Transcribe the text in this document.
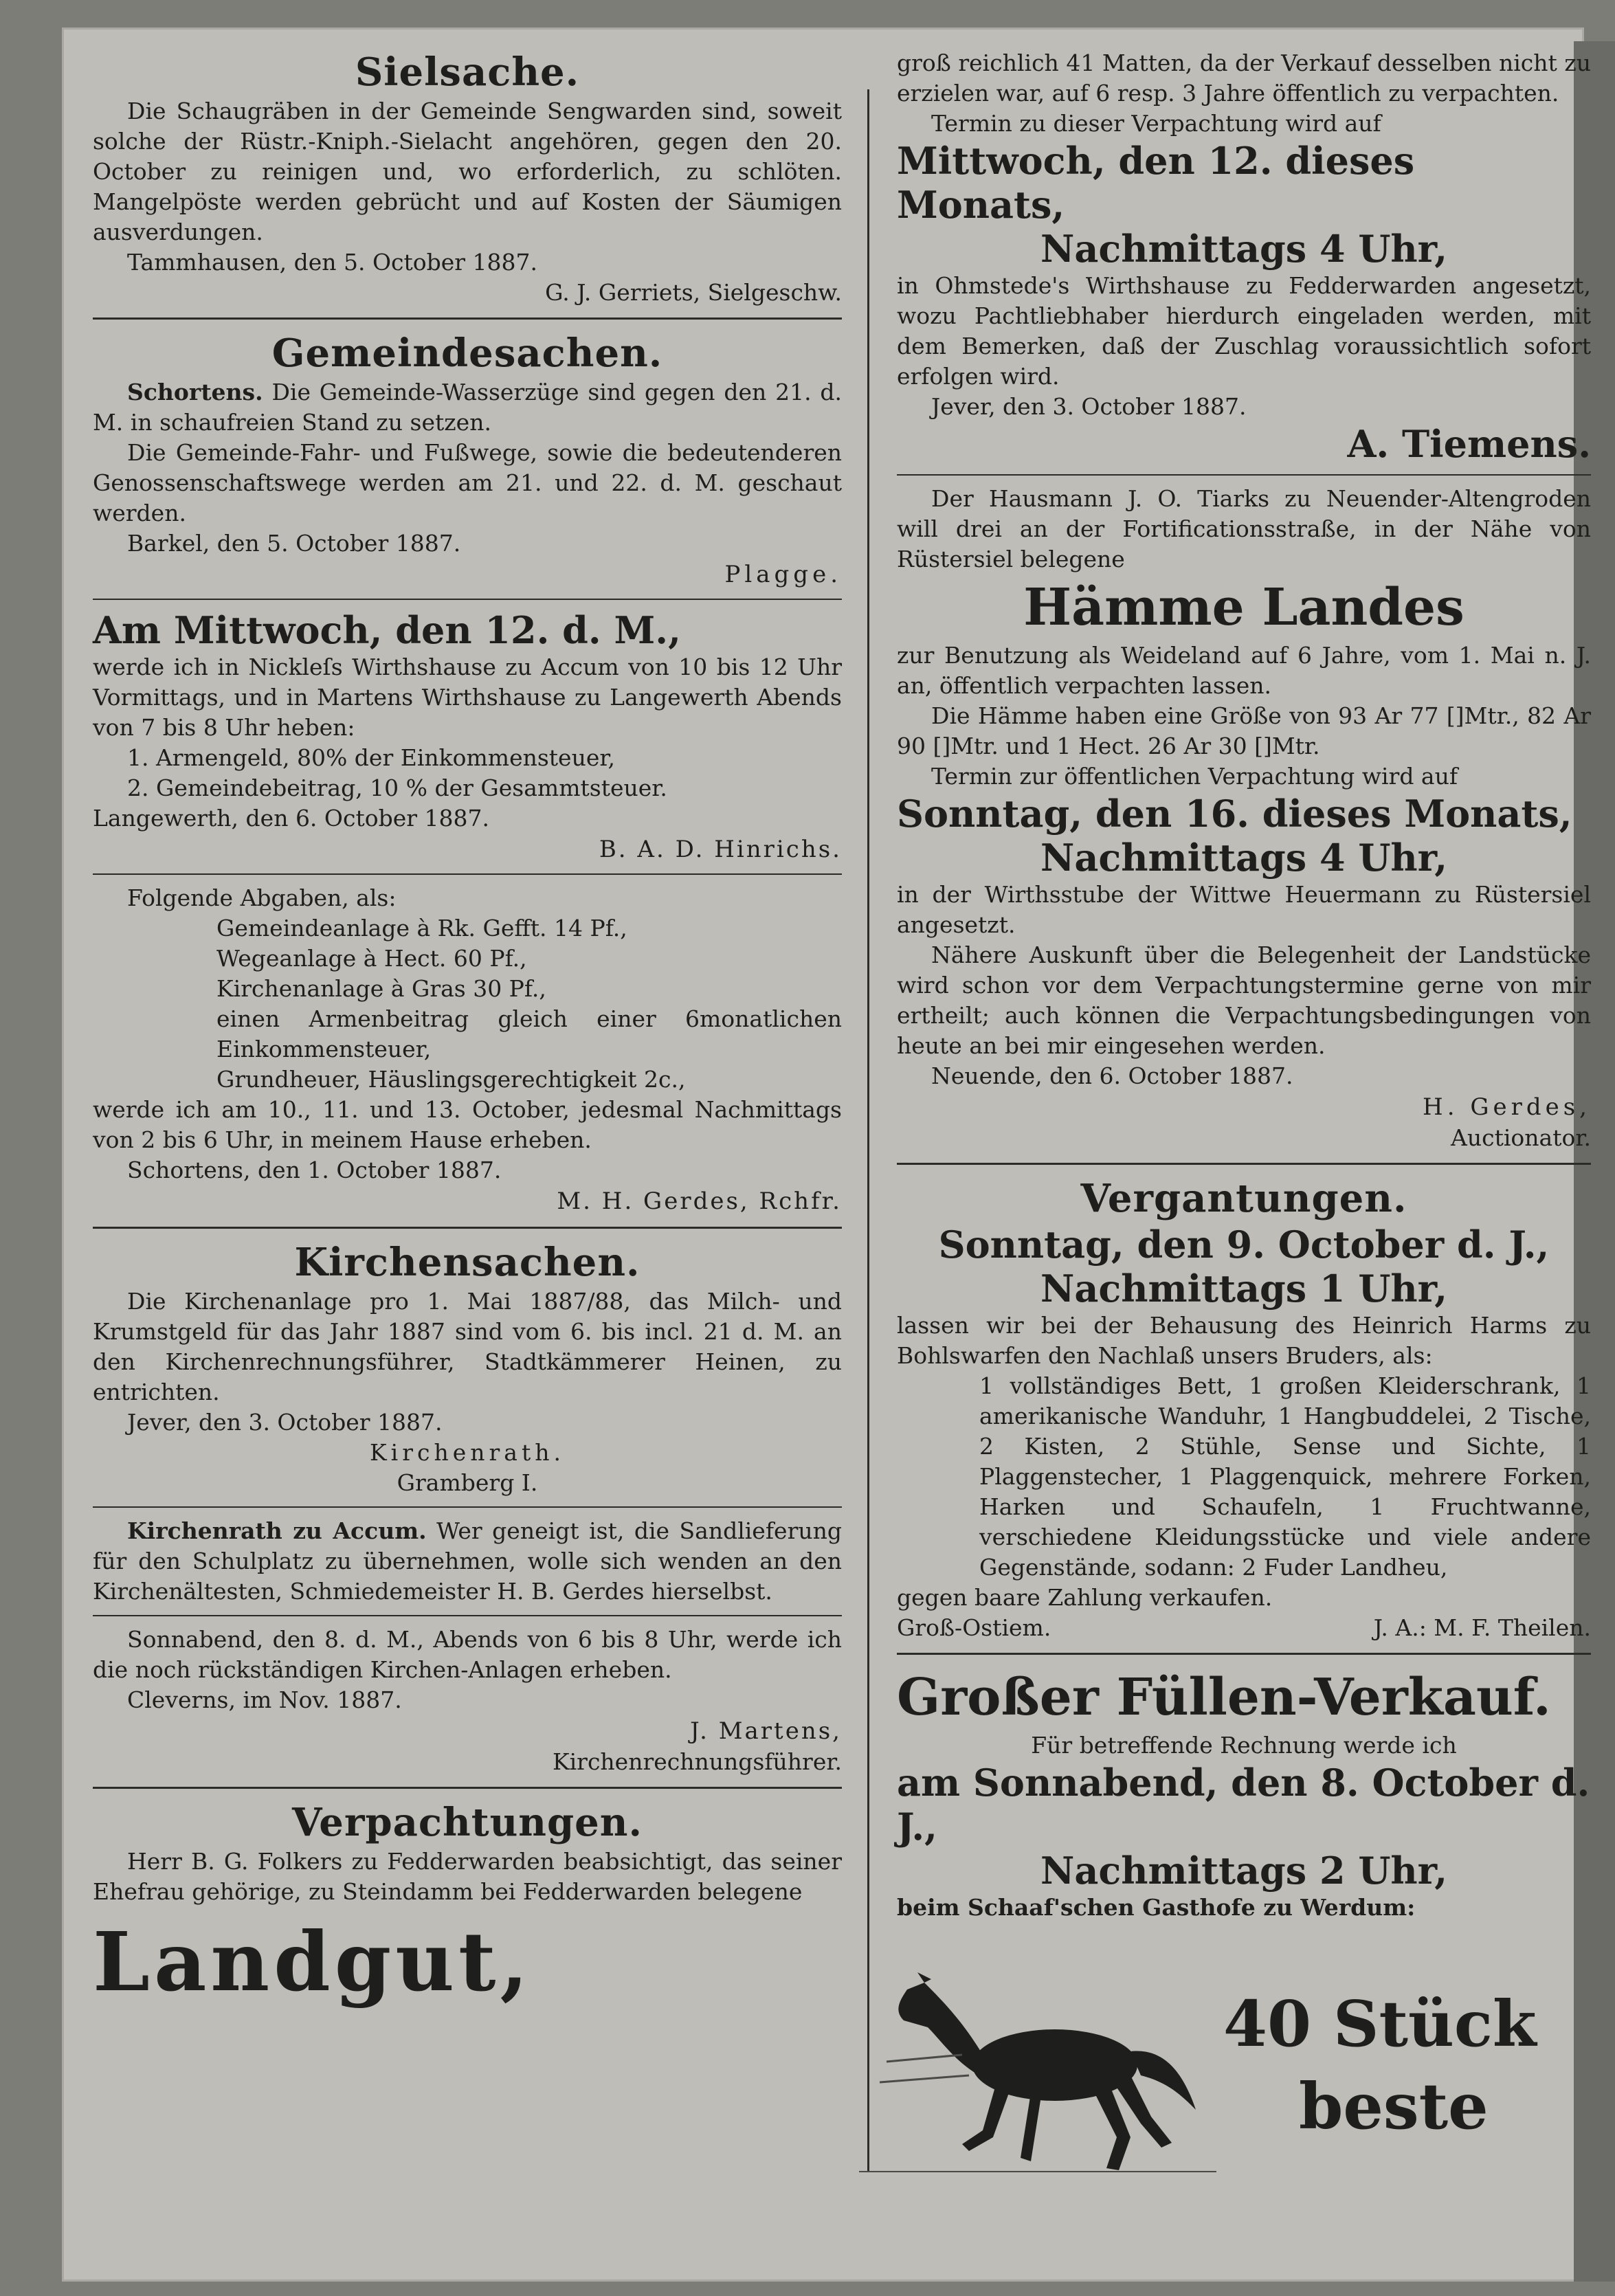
Sielsache.

Die Schaugräben in der Gemeinde Sengwarden sind, soweit solche der Rüstr.-Kniph.-Sielacht angehören, gegen den 20. October zu reinigen und, wo erforderlich, zu schlöten. Mangelpöste werden gebrücht und auf Kosten der Säumigen ausverdungen.

Tammhausen, den 5. October 1887.

G. J. Gerriets, Sielgeschw.

Gemeindesachen.

Schortens. Die Gemeinde-Wasserzüge sind gegen den 21. d. M. in schaufreien Stand zu setzen.

Die Gemeinde-Fahr- und Fußwege, sowie die bedeutenderen Genossenschaftswege werden am 21. und 22. d. M. geschaut werden.

Barkel, den 5. October 1887.

Plagge.

Am Mittwoch, den 12. d. M.,

werde ich in Nickleſs Wirthshause zu Accum von 10 bis 12 Uhr Vormittags, und in Martens Wirthshause zu Langewerth Abends von 7 bis 8 Uhr heben:

1. Armengeld, 80% der Einkommensteuer,

2. Gemeindebeitrag, 10 % der Gesammtsteuer.

Langewerth, den 6. October 1887.

B. A. D. Hinrichs.

Folgende Abgaben, als:

Gemeindeanlage à Rk. Gefft. 14 Pf.,

Wegeanlage à Hect. 60 Pf.,

Kirchenanlage à Gras 30 Pf.,

einen Armenbeitrag gleich einer 6monatlichen Einkommensteuer,

Grundheuer, Häuslingsgerechtigkeit 2c.,

werde ich am 10., 11. und 13. October, jedesmal Nachmittags von 2 bis 6 Uhr, in meinem Hause erheben.

Schortens, den 1. October 1887.

M. H. Gerdes, Rchfr.

Kirchensachen.

Die Kirchenanlage pro 1. Mai 1887/88, das Milch- und Krumstgeld für das Jahr 1887 sind vom 6. bis incl. 21 d. M. an den Kirchenrechnungsführer, Stadtkämmerer Heinen, zu entrichten.

Jever, den 3. October 1887.

Kirchenrath.

Gramberg I.

Kirchenrath zu Accum. Wer geneigt ist, die Sandlieferung für den Schulplatz zu übernehmen, wolle sich wenden an den Kirchenältesten, Schmiedemeister H. B. Gerdes hierselbst.

Sonnabend, den 8. d. M., Abends von 6 bis 8 Uhr, werde ich die noch rückständigen Kirchen-Anlagen erheben.

Cleverns, im Nov. 1887.

J. Martens,

Kirchenrechnungsführer.

Verpachtungen.

Herr B. G. Folkers zu Fedderwarden beabsichtigt, das seiner Ehefrau gehörige, zu Steindamm bei Fedderwarden belegene

Landgut,

groß reichlich 41 Matten, da der Verkauf desselben nicht zu erzielen war, auf 6 resp. 3 Jahre öffentlich zu verpachten.

Termin zu dieser Verpachtung wird auf

Mittwoch, den 12. dieses Monats,

Nachmittags 4 Uhr,

in Ohmstede's Wirthshause zu Fedderwarden angesetzt, wozu Pachtliebhaber hierdurch eingeladen werden, mit dem Bemerken, daß der Zuschlag voraussichtlich sofort erfolgen wird.

Jever, den 3. October 1887.

A. Tiemens.

Der Hausmann J. O. Tiarks zu Neuender-Altengroden will drei an der Fortificationsstraße, in der Nähe von Rüstersiel belegene

Hämme Landes

zur Benutzung als Weideland auf 6 Jahre, vom 1. Mai n. J. an, öffentlich verpachten lassen.

Die Hämme haben eine Größe von 93 Ar 77 []Mtr., 82 Ar 90 []Mtr. und 1 Hect. 26 Ar 30 []Mtr.

Termin zur öffentlichen Verpachtung wird auf

Sonntag, den 16. dieses Monats,

Nachmittags 4 Uhr,

in der Wirthsstube der Wittwe Heuermann zu Rüstersiel angesetzt.

Nähere Auskunft über die Belegenheit der Landstücke wird schon vor dem Verpachtungstermine gerne von mir ertheilt; auch können die Verpachtungsbedingungen von heute an bei mir eingesehen werden.

Neuende, den 6. October 1887.

H. Gerdes,

Auctionator.

Vergantungen.

Sonntag, den 9. October d. J.,

Nachmittags 1 Uhr,

lassen wir bei der Behausung des Heinrich Harms zu Bohlswarfen den Nachlaß unsers Bruders, als:

1 vollständiges Bett, 1 großen Kleiderschrank, 1 amerikanische Wanduhr, 1 Hangbuddelei, 2 Tische, 2 Kisten, 2 Stühle, Sense und Sichte, 1 Plaggenstecher, 1 Plaggenquick, mehrere Forken, Harken und Schaufeln, 1 Fruchtwanne, verschiedene Kleidungsstücke und viele andere Gegenstände, sodann: 2 Fuder Landheu,

gegen baare Zahlung verkaufen.

Groß-Ostiem.	J. A.: M. F. Theilen.

Großer Füllen-Verkauf.

Für betreffende Rechnung werde ich

am Sonnabend, den 8. October d. J.,

Nachmittags 2 Uhr,

beim Schaaf'schen Gasthofe zu Werdum:

40 Stück

beste
